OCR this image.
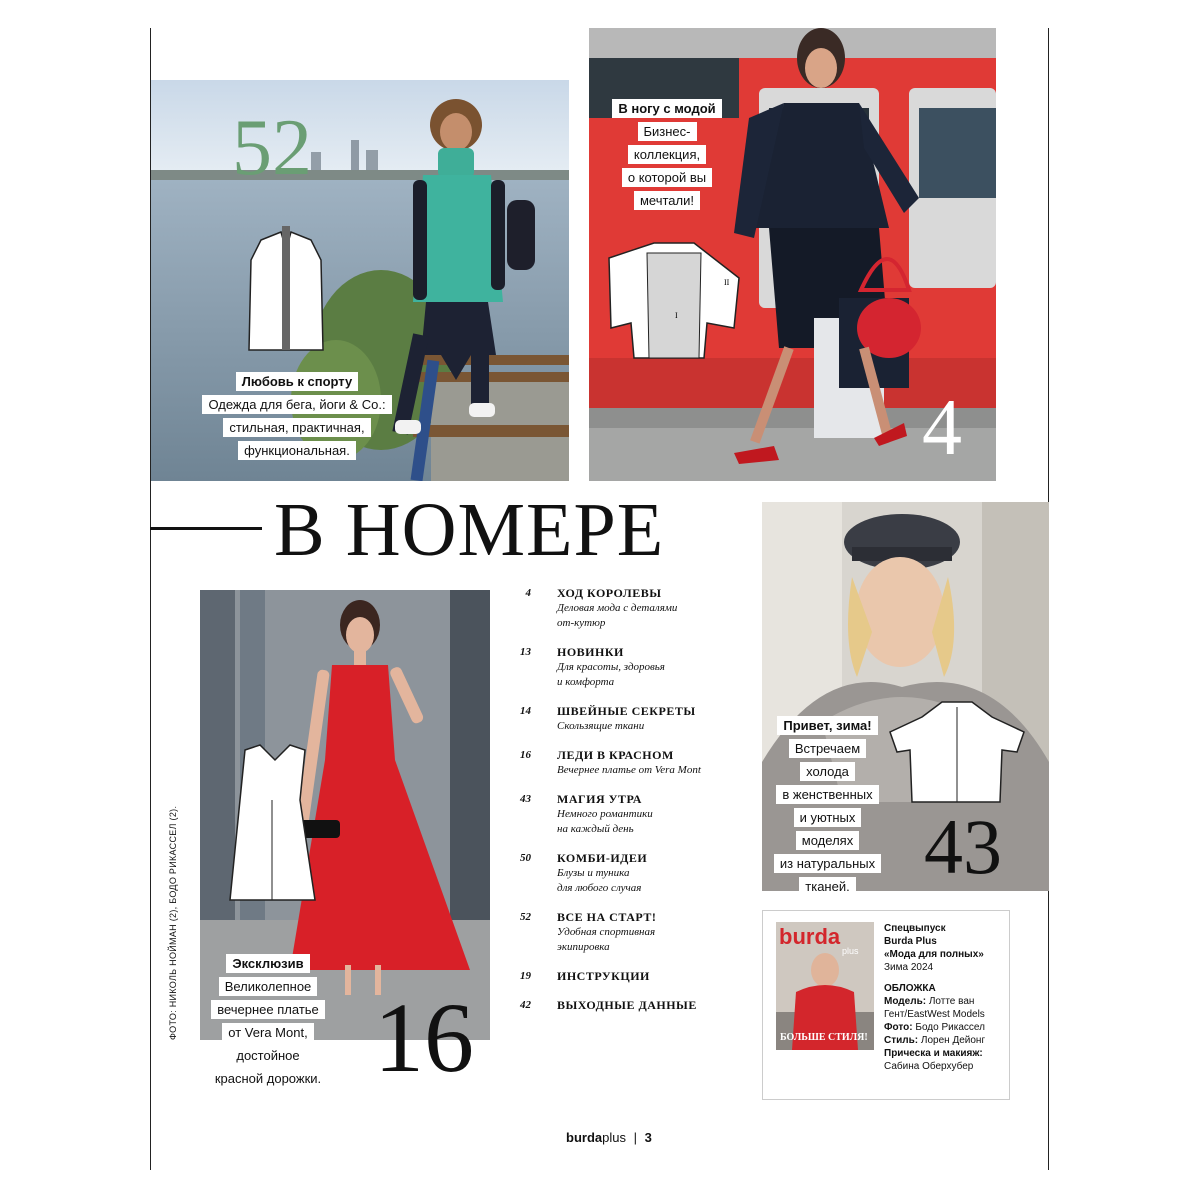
52
Любовь к спорту
Одежда для бега, йоги & Co.:
стильная, практичная,
функциональная.
I
II
4
В ногу с модой
Бизнес-
коллекция,
о которой вы
мечтали!
В НОМЕРЕ
16
Эксклюзив
Великолепное
вечернее платье
от Vera Mont,
достойное
красной дорожки.
ФОТО: НИКОЛЬ НОЙМАН (2), БОДО РИКАССЕЛ (2).
4 ХОД КОРОЛЕВЫ
Деловая мода с деталями
от-кутюр
13 НОВИНКИ
Для красоты, здоровья
и комфорта
14 ШВЕЙНЫЕ СЕКРЕТЫ
Скользящие ткани
16 ЛЕДИ В КРАСНОМ
Вечернее платье от Vera Mont
43 МАГИЯ УТРА
Немного романтики
на каждый день
50 КОМБИ-ИДЕИ
Блузы и туника
для любого случая
52 ВСЕ НА СТАРТ!
Удобная спортивная
экипировка
19 ИНСТРУКЦИИ
42 ВЫХОДНЫЕ ДАННЫЕ
43
Привет, зима!
Встречаем
холода
в женственных
и уютных
моделях
из натуральных
тканей.
burda
plus
БОЛЬШЕ СТИЛЯ!
Спецвыпуск
Burda Plus
«Мода для полных»
Зима 2024
ОБЛОЖКА
Модель: Лотте ван Гент/EastWest Models
Фото: Бодо Рикассел
Стиль: Лорен Дейонг
Прическа и макияж:
Сабина Оберхубер
burdaplus | 3
